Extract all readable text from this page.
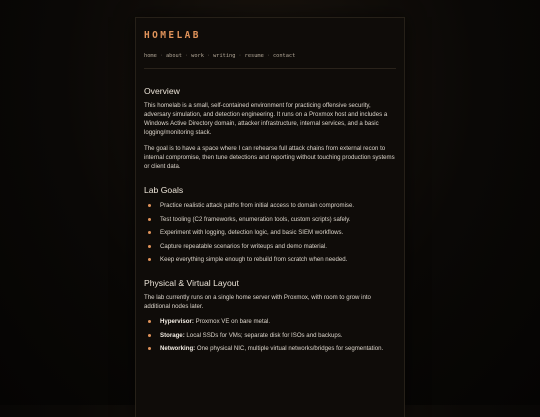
HOMELAB
home · about · work · writing · resume · contact
Overview

This homelab is a small, self-contained environment for practicing offensive security, adversary simulation, and detection engineering. It runs on a Proxmox host and includes a Windows Active Directory domain, attacker infrastructure, internal services, and a basic logging/monitoring stack.

The goal is to have a space where I can rehearse full attack chains from external recon to internal compromise, then tune detections and reporting without touching production systems or client data.

Lab Goals
Practice realistic attack paths from initial access to domain compromise.
Test tooling (C2 frameworks, enumeration tools, custom scripts) safely.
Experiment with logging, detection logic, and basic SIEM workflows.
Capture repeatable scenarios for writeups and demo material.
Keep everything simple enough to rebuild from scratch when needed.
Physical & Virtual Layout

The lab currently runs on a single home server with Proxmox, with room to grow into additional nodes later.

Hypervisor: Proxmox VE on bare metal.
Storage: Local SSDs for VMs; separate disk for ISOs and backups.
Networking: One physical NIC, multiple virtual networks/bridges for segmentation.
